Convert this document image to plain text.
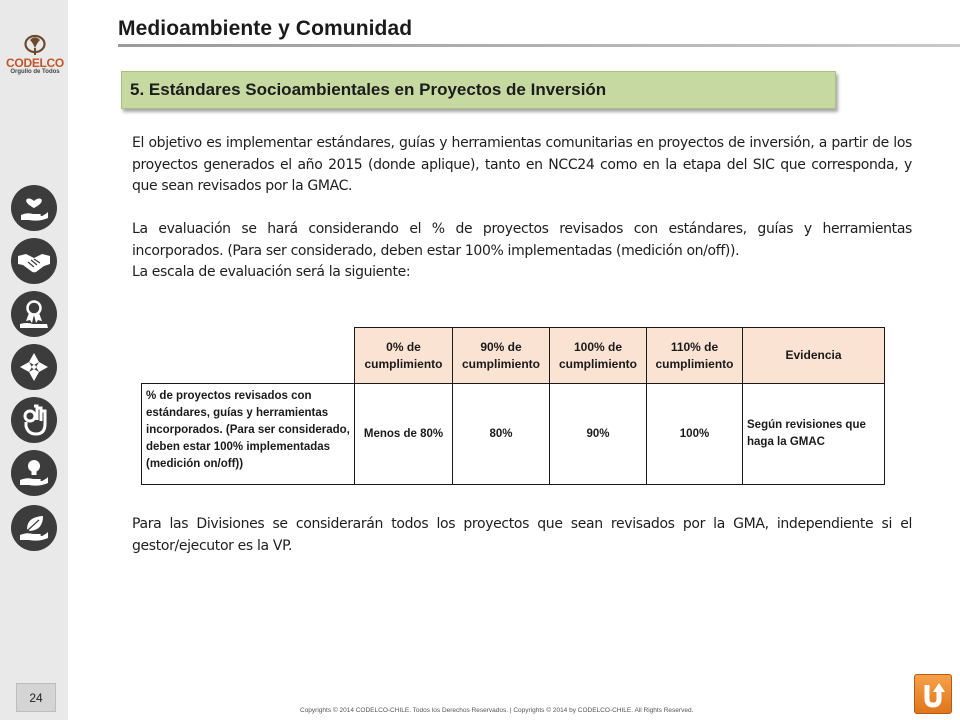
CODELCO
Orgullo de Todos
24
Medioambiente y Comunidad
5. Estándares Socioambientales en Proyectos de Inversión

El objetivo es implementar estándares, guías y herramientas comunitarias en proyectos de inversión, a partir de los proyectos generados el año 2015 (donde aplique), tanto en NCC24 como en la etapa del SIC que corresponda, y que sean revisados por la GMAC.

La evaluación se hará considerando el % de proyectos revisados con estándares, guías y herramientas incorporados. (Para ser considerado, deben estar 100% implementadas (medición on/off)).

La escala de evaluación será la siguiente:

	0% de cumplimiento	90% de cumplimiento	100% de cumplimiento	110% de cumplimiento	Evidencia
% de proyectos revisados con estándares, guías y herramientas incorporados. (Para ser considerado, deben estar 100% implementadas (medición on/off))	Menos de 80%	80%	90%	100%	Según revisiones que haga la GMAC

Para las Divisiones se considerarán todos los proyectos que sean revisados por la GMA, independiente si el gestor/ejecutor es la VP.

Copyrights © 2014 CODELCO-CHILE. Todos los Derechos Reservados. | Copyrights © 2014 by CODELCO-CHILE. All Rights Reserved.
